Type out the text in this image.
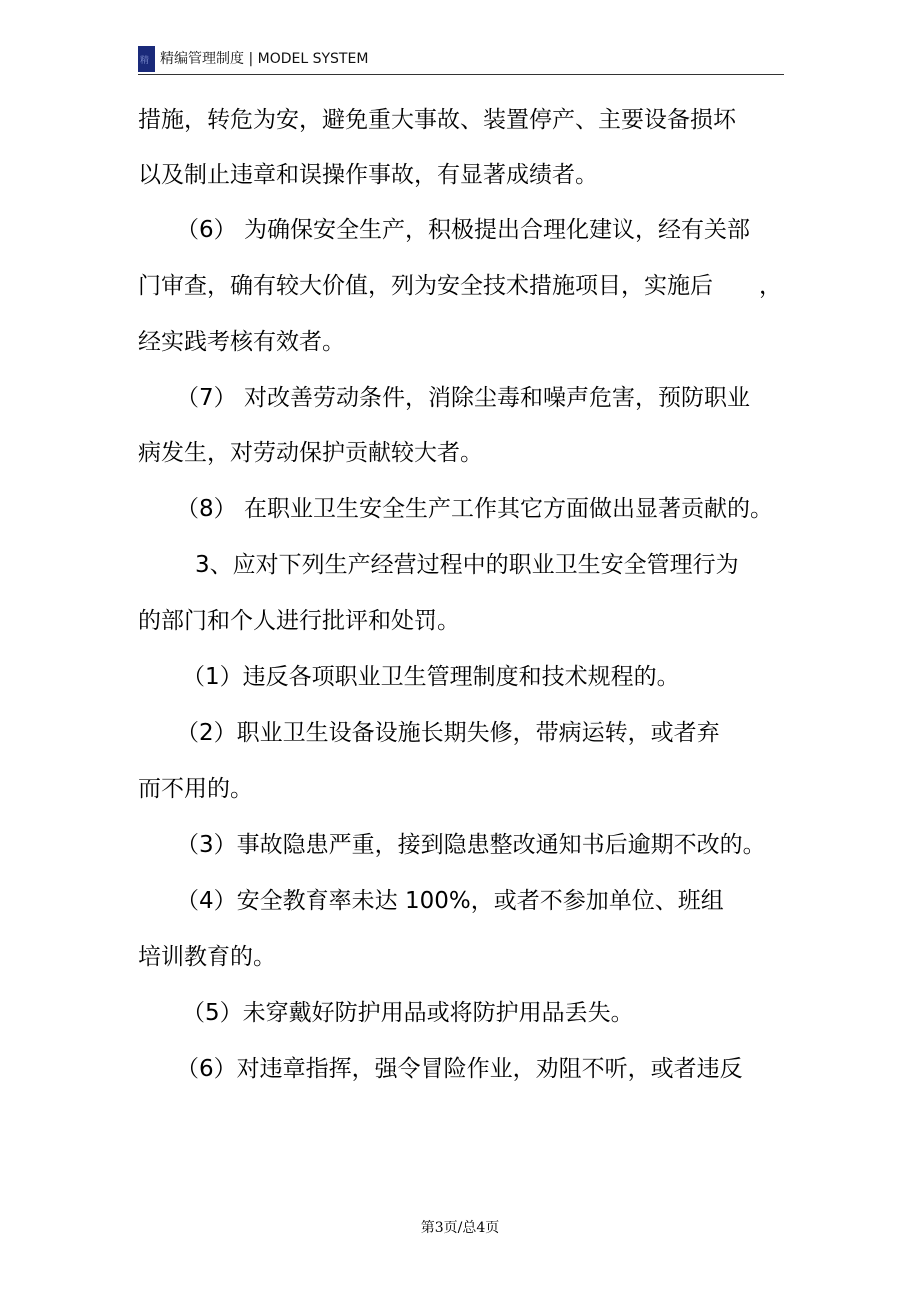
精 精编管理制度 | MODEL SYSTEM
措施，转危为安，避免重大事故、装置停产、主要设备损坏
以及制止违章和误操作事故，有显著成绩者。
（6） 为确保安全生产，积极提出合理化建议，经有关部
门审查，确有较大价值，列为安全技术措施项目，实施后　　，
经实践考核有效者。
（7） 对改善劳动条件，消除尘毒和噪声危害，预防职业
病发生，对劳动保护贡献较大者。
（8） 在职业卫生安全生产工作其它方面做出显著贡献的。
3、应对下列生产经营过程中的职业卫生安全管理行为
的部门和个人进行批评和处罚。
（1）违反各项职业卫生管理制度和技术规程的。
（2）职业卫生设备设施长期失修，带病运转，或者弃
而不用的。
（3）事故隐患严重，接到隐患整改通知书后逾期不改的。
（4）安全教育率未达 100%，或者不参加单位、班组
培训教育的。
（5）未穿戴好防护用品或将防护用品丢失。
（6）对违章指挥，强令冒险作业，劝阻不听，或者违反
第3页/总4页
